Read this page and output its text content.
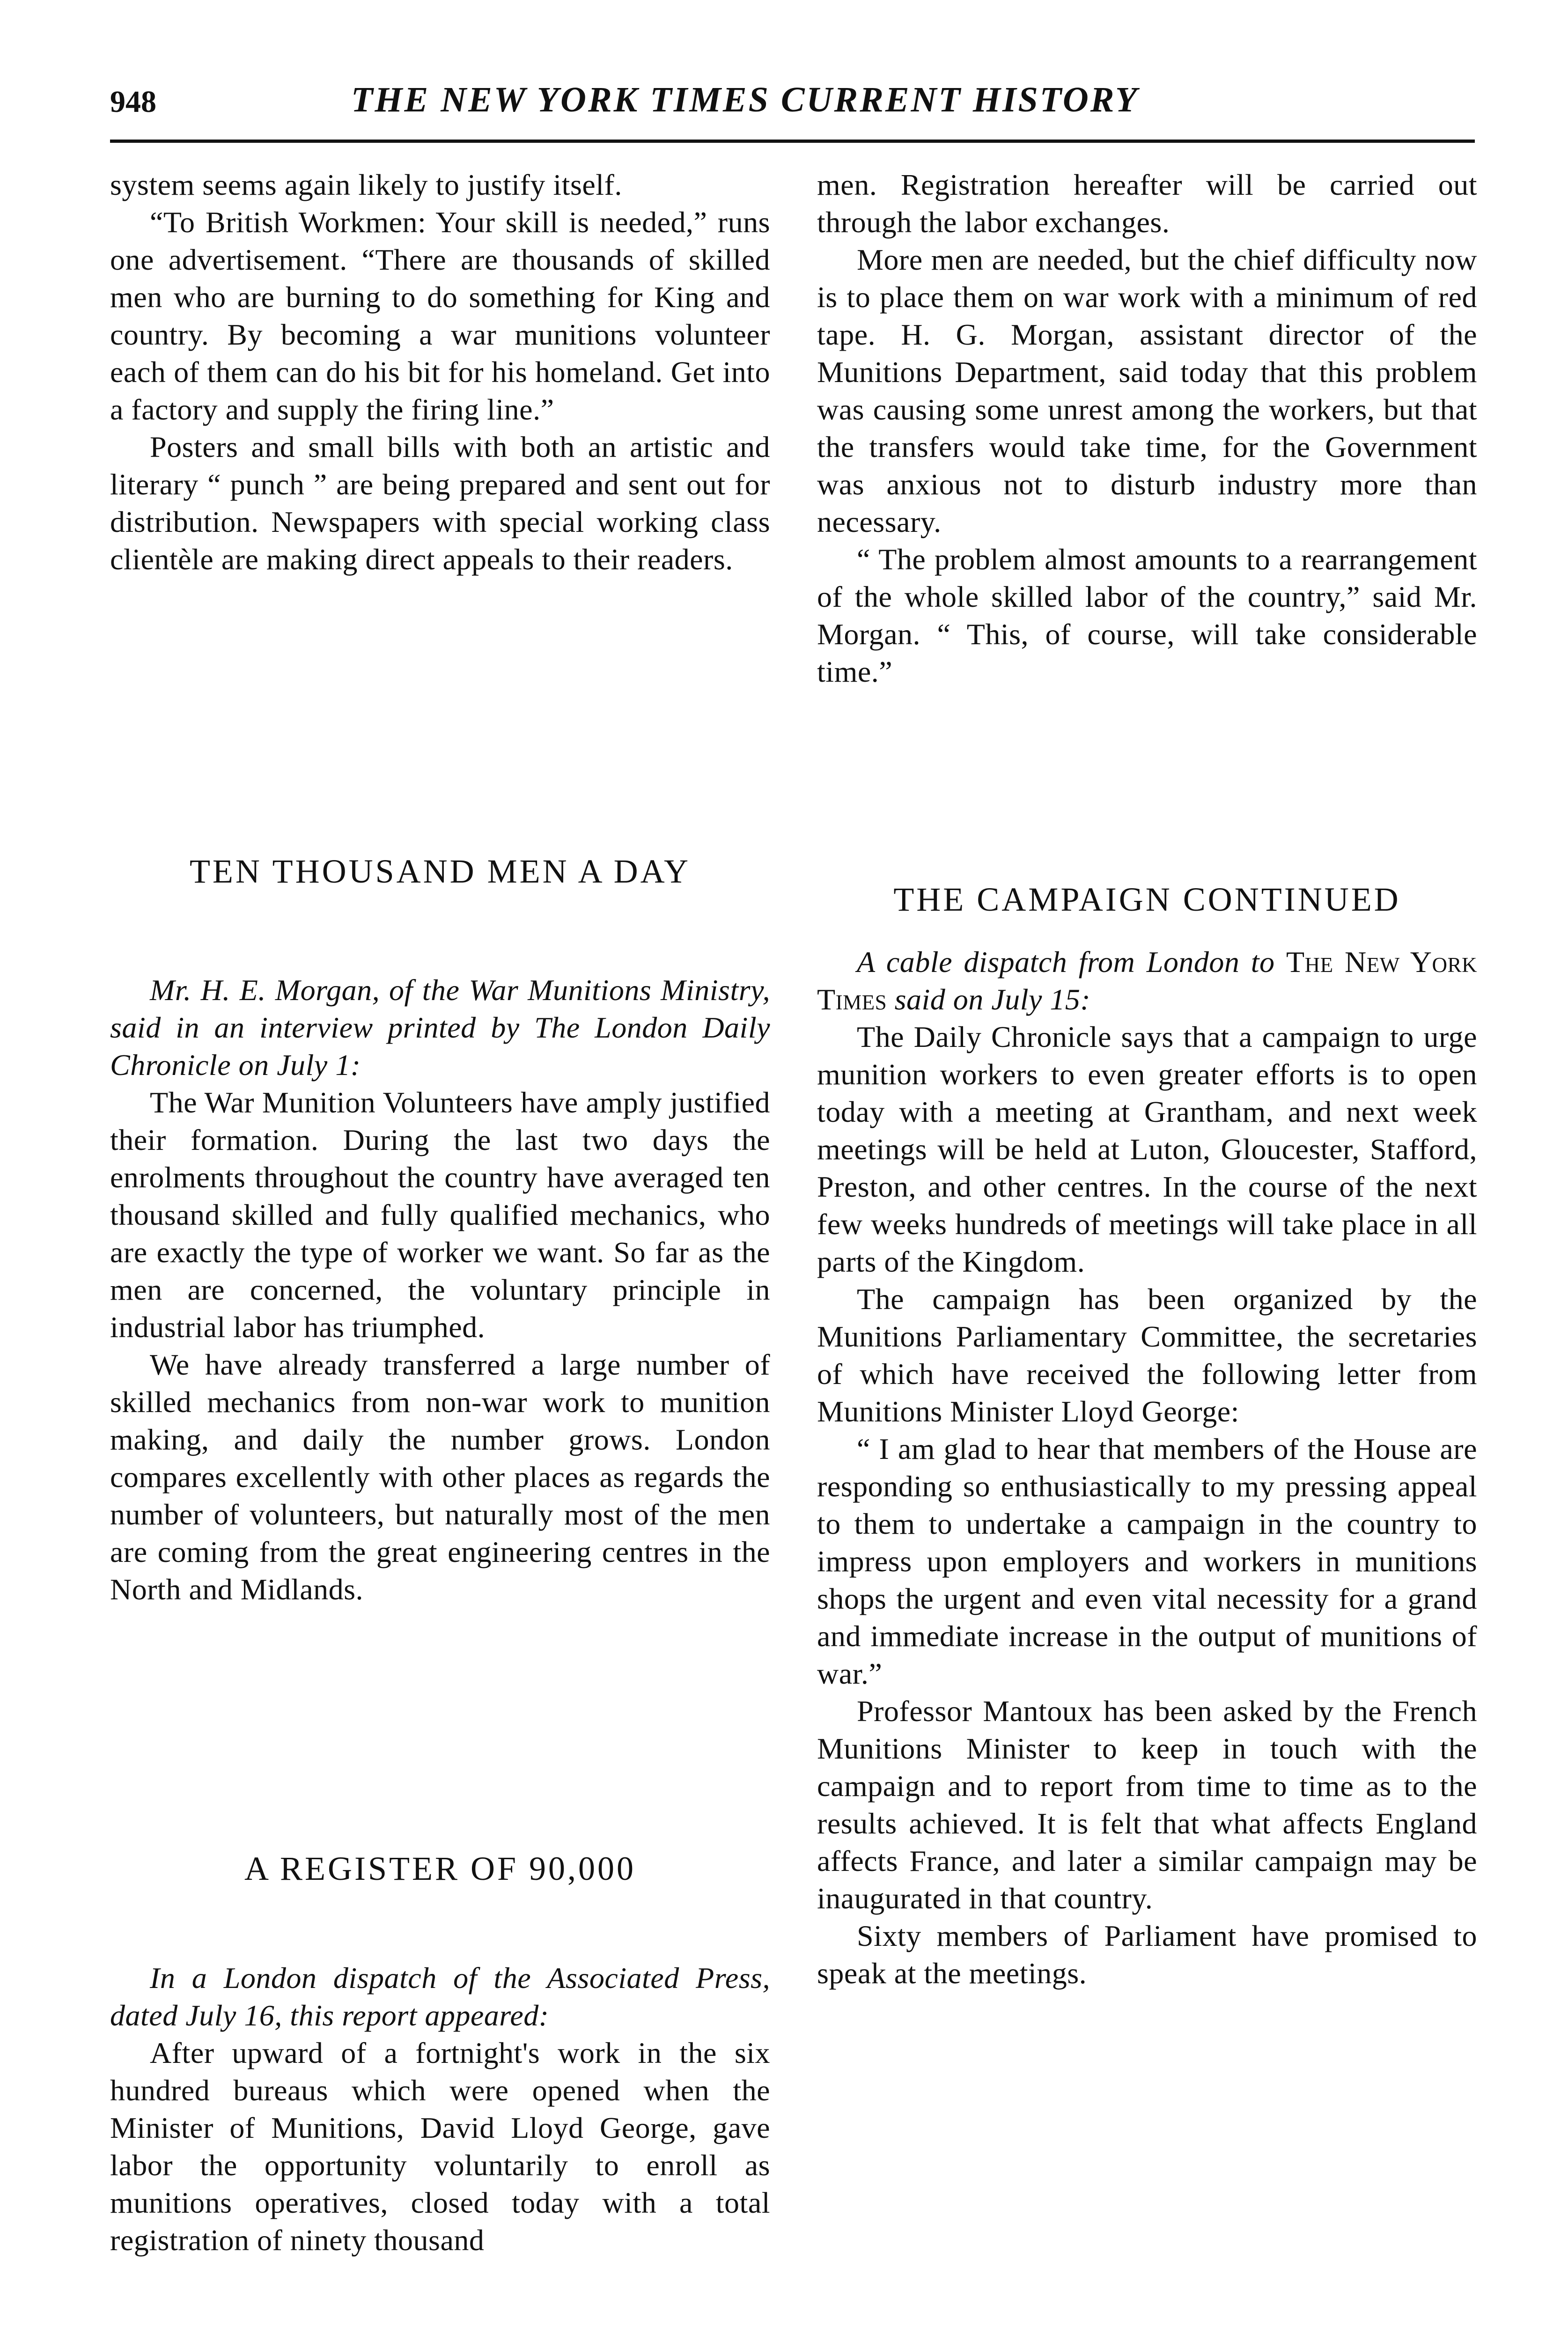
948	THE NEW YORK TIMES CURRENT HISTORY

system seems again likely to justify itself.

“To British Workmen: Your skill is needed,” runs one advertisement. “There are thousands of skilled men who are burning to do something for King and country. By becoming a war munitions volunteer each of them can do his bit for his homeland. Get into a factory and supply the firing line.”

Posters and small bills with both an artistic and literary “ punch ” are being prepared and sent out for distribution. Newspapers with special working class clientèle are making direct appeals to their readers.

TEN THOUSAND MEN A DAY

Mr. H. E. Morgan, of the War Munitions Ministry, said in an interview printed by The London Daily Chronicle on July 1:

The War Munition Volunteers have amply justified their formation. During the last two days the enrolments throughout the country have averaged ten thousand skilled and fully qualified mechanics, who are exactly the type of worker we want. So far as the men are concerned, the voluntary principle in industrial labor has triumphed.

We have already transferred a large number of skilled mechanics from non-war work to munition making, and daily the number grows. London compares excellently with other places as regards the number of volunteers, but naturally most of the men are coming from the great engineering centres in the North and Midlands.

A REGISTER OF 90,000

In a London dispatch of the Associated Press, dated July 16, this report appeared:

After upward of a fortnight's work in the six hundred bureaus which were opened when the Minister of Munitions, David Lloyd George, gave labor the opportunity voluntarily to enroll as munitions operatives, closed today with a total registration of ninety thousand

men. Registration hereafter will be carried out through the labor exchanges.

More men are needed, but the chief difficulty now is to place them on war work with a minimum of red tape. H. G. Morgan, assistant director of the Munitions Department, said today that this problem was causing some unrest among the workers, but that the transfers would take time, for the Government was anxious not to disturb industry more than necessary.

“ The problem almost amounts to a rearrangement of the whole skilled labor of the country,” said Mr. Morgan. “ This, of course, will take considerable time.”

THE CAMPAIGN CONTINUED

A cable dispatch from London to The New York Times said on July 15:

The Daily Chronicle says that a campaign to urge munition workers to even greater efforts is to open today with a meeting at Grantham, and next week meetings will be held at Luton, Gloucester, Stafford, Preston, and other centres. In the course of the next few weeks hundreds of meetings will take place in all parts of the Kingdom.

The campaign has been organized by the Munitions Parliamentary Committee, the secretaries of which have received the following letter from Munitions Minister Lloyd George:

“ I am glad to hear that members of the House are responding so enthusiastically to my pressing appeal to them to undertake a campaign in the country to impress upon employers and workers in munitions shops the urgent and even vital necessity for a grand and immediate increase in the output of munitions of war.”

Professor Mantoux has been asked by the French Munitions Minister to keep in touch with the campaign and to report from time to time as to the results achieved. It is felt that what affects England affects France, and later a similar campaign may be inaugurated in that country.

Sixty members of Parliament have promised to speak at the meetings.
